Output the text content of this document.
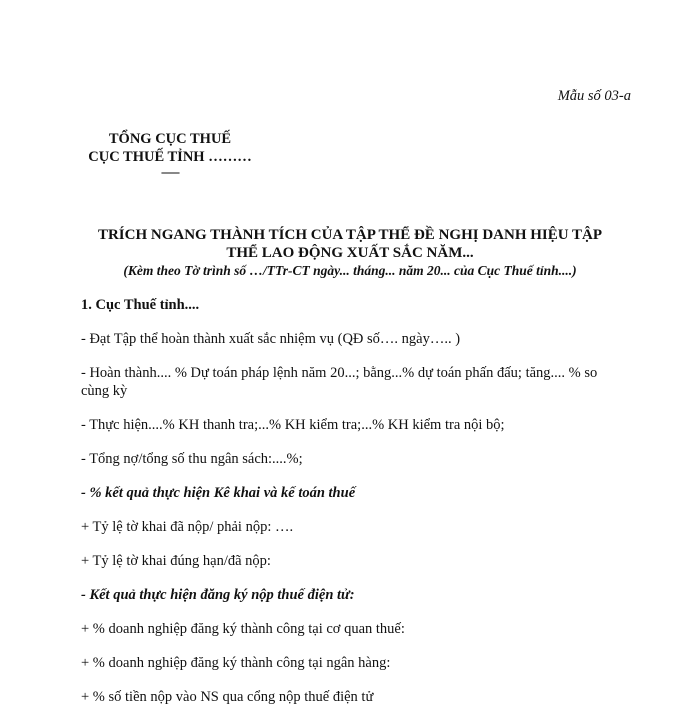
Mẫu số 03-a
TỔNG CỤC THUẾ
CỤC THUẾ TỈNH ………
------
TRÍCH NGANG THÀNH TÍCH CỦA TẬP THỂ ĐỀ NGHỊ DANH HIỆU TẬP THỂ LAO ĐỘNG XUẤT SẮC NĂM...
(Kèm theo Tờ trình số …/TTr-CT ngày... tháng... năm 20... của Cục Thuế tỉnh....)

1. Cục Thuế tỉnh....

- Đạt Tập thể hoàn thành xuất sắc nhiệm vụ (QĐ số…. ngày….. )

- Hoàn thành.... % Dự toán pháp lệnh năm 20...; bằng...% dự toán phấn đấu; tăng.... % so cùng kỳ

- Thực hiện....% KH thanh tra;...% KH kiểm tra;...% KH kiểm tra nội bộ;

- Tổng nợ/tổng số thu ngân sách:....%;

- % kết quả thực hiện Kê khai và kế toán thuế

+ Tỷ lệ tờ khai đã nộp/ phải nộp: ….

+ Tỷ lệ tờ khai đúng hạn/đã nộp:

- Kết quả thực hiện đăng ký nộp thuế điện tử:

+ % doanh nghiệp đăng ký thành công tại cơ quan thuế:

+ % doanh nghiệp đăng ký thành công tại ngân hàng:

+ % số tiền nộp vào NS qua cổng nộp thuế điện tử
